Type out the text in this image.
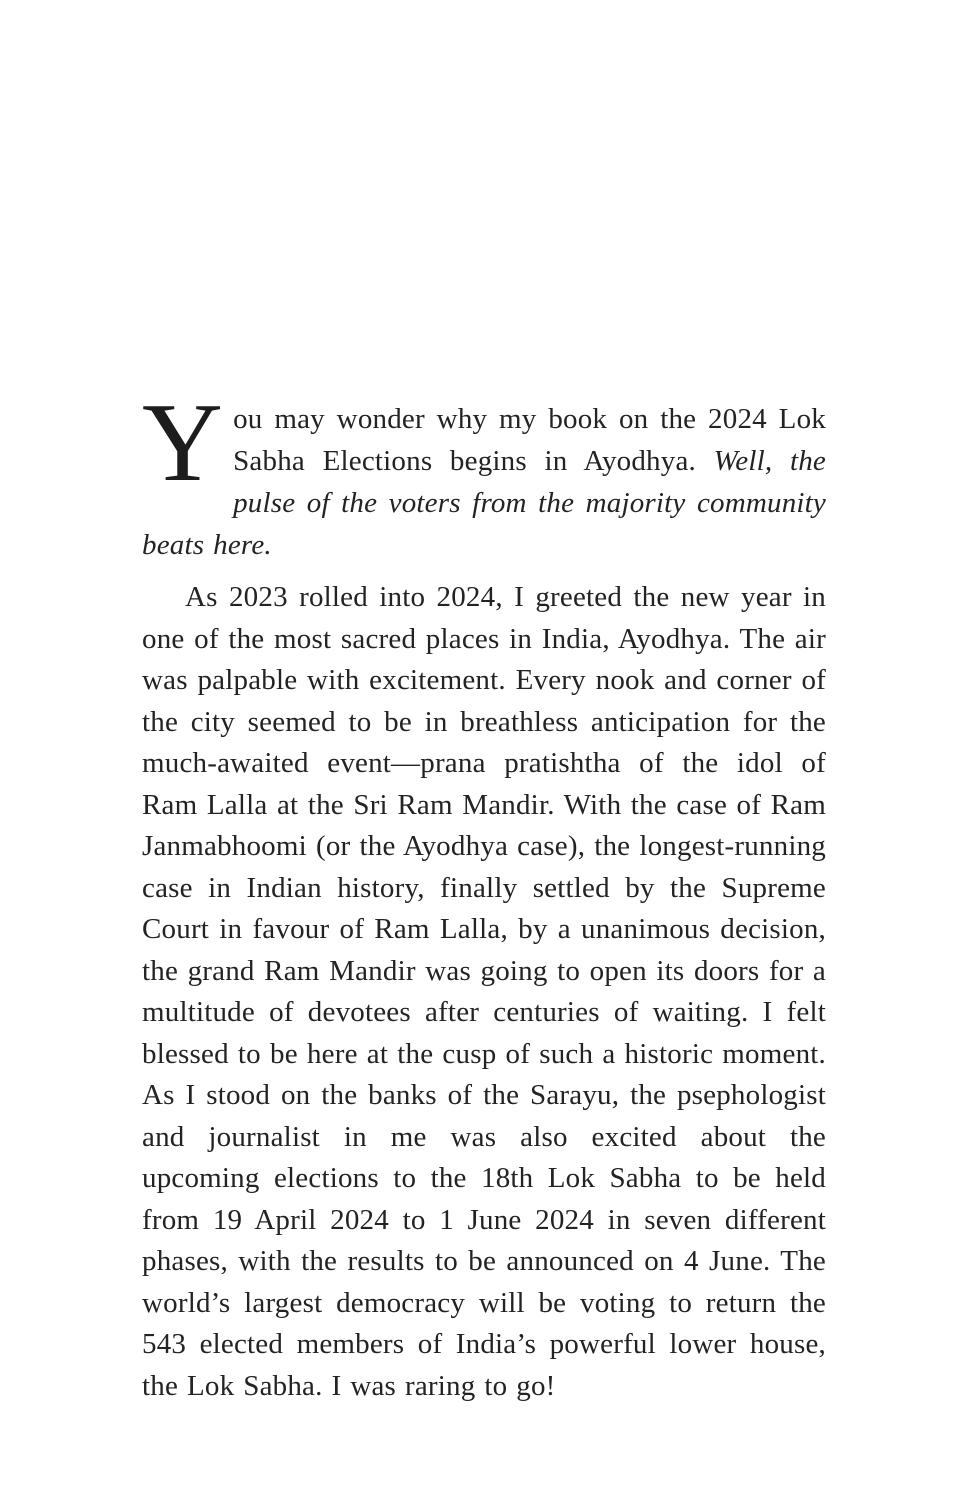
You may wonder why my book on the 2024 Lok Sabha Elections begins in Ayodhya. Well, the pulse of the voters from the majority community beats here.

As 2023 rolled into 2024, I greeted the new year in one of the most sacred places in India, Ayodhya. The air was palpable with excitement. Every nook and corner of the city seemed to be in breathless anticipation for the much-awaited event—prana pratishtha of the idol of Ram Lalla at the Sri Ram Mandir. With the case of Ram Janmabhoomi (or the Ayodhya case), the longest-running case in Indian history, finally settled by the Supreme Court in favour of Ram Lalla, by a unanimous decision, the grand Ram Mandir was going to open its doors for a multitude of devotees after centuries of waiting. I felt blessed to be here at the cusp of such a historic moment. As I stood on the banks of the Sarayu, the psephologist and journalist in me was also excited about the upcoming elections to the 18th Lok Sabha to be held from 19 April 2024 to 1 June 2024 in seven different phases, with the results to be announced on 4 June. The world’s largest democracy will be voting to return the 543 elected members of India’s powerful lower house, the Lok Sabha. I was raring to go!
